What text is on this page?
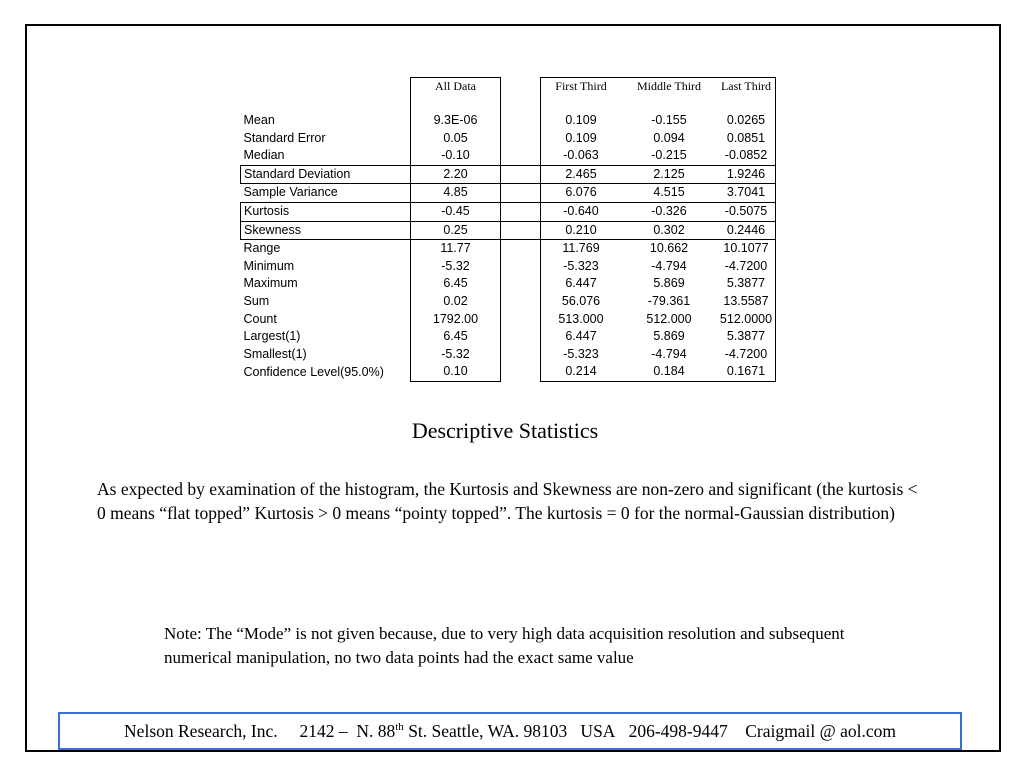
	All Data		First Third	Middle Third	Last Third

Mean	9.3E-06		0.109	-0.155	0.0265
Standard Error	0.05		0.109	0.094	0.0851
Median	-0.10		-0.063	-0.215	-0.0852
Standard Deviation	2.20		2.465	2.125	1.9246
Sample Variance	4.85		6.076	4.515	3.7041
Kurtosis	-0.45		-0.640	-0.326	-0.5075
Skewness	0.25		0.210	0.302	0.2446
Range	11.77		11.769	10.662	10.1077
Minimum	-5.32		-5.323	-4.794	-4.7200
Maximum	6.45		6.447	5.869	5.3877
Sum	0.02		56.076	-79.361	13.5587
Count	1792.00		513.000	512.000	512.0000
Largest(1)	6.45		6.447	5.869	5.3877
Smallest(1)	-5.32		-5.323	-4.794	-4.7200
Confidence Level(95.0%)	0.10		0.214	0.184	0.1671
Descriptive Statistics
As expected by examination of the histogram, the Kurtosis and Skewness are non-zero and significant (the kurtosis < 0 means “flat topped” Kurtosis > 0 means “pointy topped”. The kurtosis = 0 for the normal-Gaussian distribution)
Note: The “Mode” is not given because, due to very high data acquisition resolution and subsequent numerical manipulation, no two data points had the exact same value
Nelson Research, Inc.
2142 –  N. 88th St. Seattle, WA. 98103   USA
206-498-9447
Craigmail @ aol.com
